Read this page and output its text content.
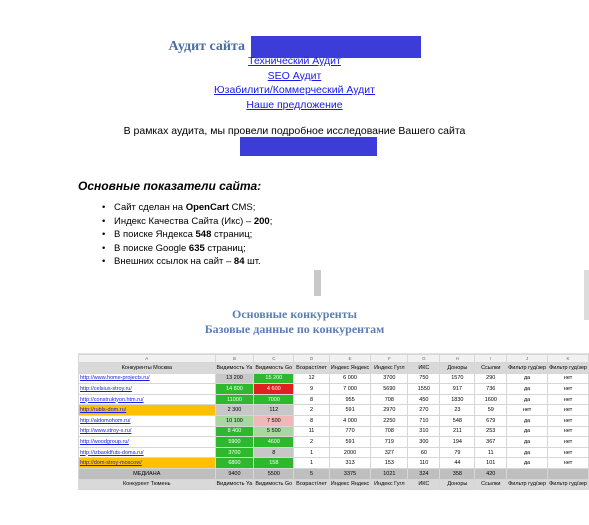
Аудит сайта
Технический Аудит
SEO Аудит
Юзабилити/Коммерческий Аудит
Наше предложение
В рамках аудита, мы провели подробное исследование Вашего сайта
Основные показатели сайта:
• Сайт сделан на OpenCart CMS;
• Индекс Качества Сайта (Икс) – 200;
• В поиске Яндекса 548 страниц;
• В поиске Google 635 страниц;
• Внешних ссылок на сайт – 84 шт.
Основные конкуренты
Базовые данные по конкурентам
A	B	C	D	E	F	G	H	I	J	K
Конкуренты Москва	Видимость Ya	Видимость Go	Возраст/лет	Индекс Яндекс	Индекс Гугл	ИКС	Доноры	Ссылки	Фильтр гуд/зер	Фильтр гуд/зер
http://www.home-projects.ru/	13 200	15 200	12	6 000	3700	750	1570	290	да	нет
http://celsius-stroy.ru/	14 800	4 600	9	7 000	5690	1550	917	736	да	нет
http://construktyon.htm.ru/	11000	7000	8	955	708	450	1830	1600	да	нет
http://rubls-dom.ru/	2 300	112	2	591	2970	270	23	59	нет	нет
http://aldomohom.ru/	10 100	7 500	8	4 000	2250	710	548	679	да	нет
http://www.stroy-x.ru/	8 400	5 500	11	770	708	310	211	253	да	нет
http://woodgroup.ru/	5900	4600	2	591	719	300	194	367	да	нет
http://izbaoldfuts-doma.ru/	3700	8	1	2000	327	60	79	11	да	нет
http://dom-stroy-moscow/	6800	158	1	313	153	110	44	101	да	нет
МЕДИАНА	9400	5500	5	3375	1021	324	358	420		
Конкурент Тюмень	Видимость Ya	Видимость Go	Возраст/лет	Индекс Яндекс	Индекс Гугл	ИКС	Доноры	Ссылки	Фильтр гуд/зер	Фильтр гуд/зер
